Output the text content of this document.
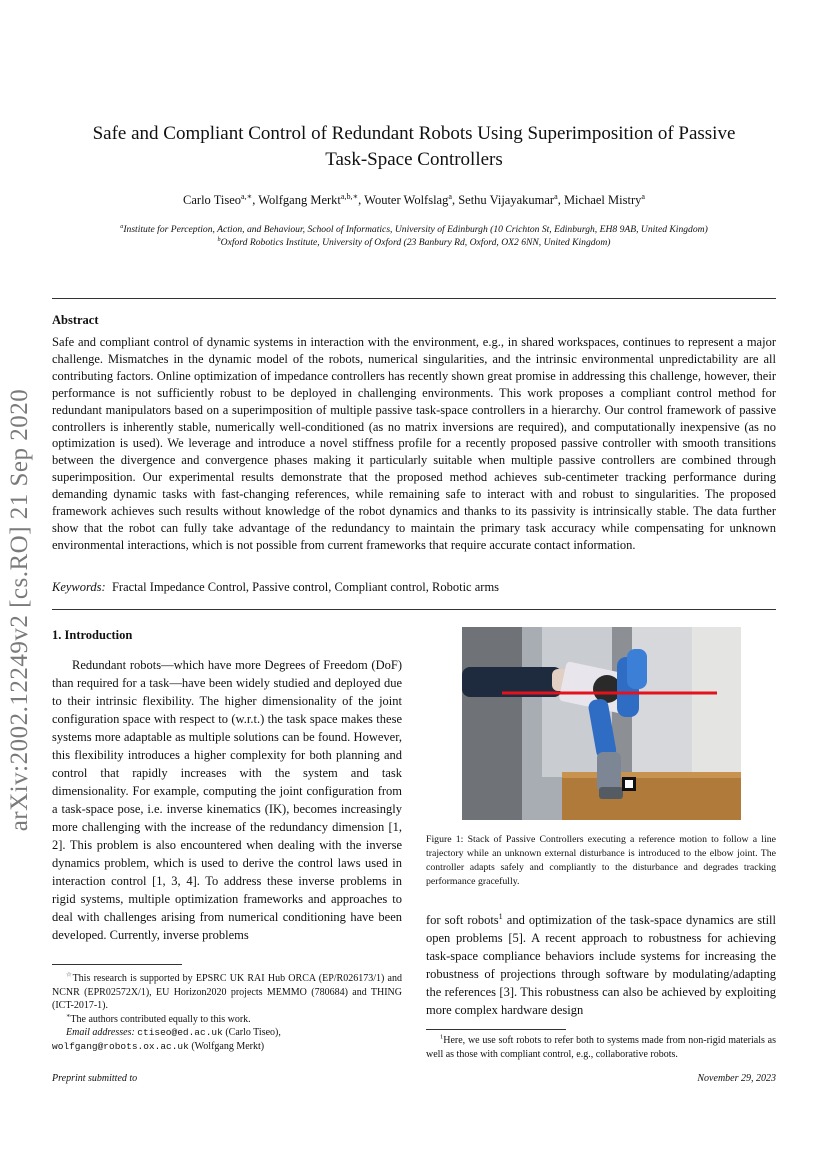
Safe and Compliant Control of Redundant Robots Using Superimposition of Passive
Task-Space Controllers
Carlo Tiseo$^{a,∗}$, Wolfgang Merkt$^{a,b,∗}$, Wouter Wolfslag$^a$, Sethu Vijayakumar$^a$, Michael Mistry$^a$
$^a$Institute for Perception, Action, and Behaviour, School of Informatics, University of Edinburgh (10 Crichton St, Edinburgh, EH8 9AB, United Kingdom)
$^b$Oxford Robotics Institute, University of Oxford (23 Banbury Rd, Oxford, OX2 6NN, United Kingdom)
Abstract
Safe and compliant control of dynamic systems in interaction with the environment, e.g., in shared workspaces, continues to represent a major challenge. Mismatches in the dynamic model of the robots, numerical singularities, and the intrinsic environmental unpredictability are all contributing factors. Online optimization of impedance controllers has recently shown great promise in addressing this challenge, however, their performance is not sufficiently robust to be deployed in challenging environments. This work proposes a compliant control method for redundant manipulators based on a superimposition of multiple passive task-space controllers in a hierarchy. Our control framework of passive controllers is inherently stable, numerically well-conditioned (as no matrix inversions are required), and computationally inexpensive (as no optimization is used). We leverage and introduce a novel stiffness profile for a recently proposed passive controller with smooth transitions between the divergence and convergence phases making it particularly suitable when multiple passive controllers are combined through superimposition. Our experimental results demonstrate that the proposed method achieves sub-centimeter tracking performance during demanding dynamic tasks with fast-changing references, while remaining safe to interact with and robust to singularities. The proposed framework achieves such results without knowledge of the robot dynamics and thanks to its passivity is intrinsically stable. The data further show that the robot can fully take advantage of the redundancy to maintain the primary task accuracy while compensating for unknown environmental interactions, which is not possible from current frameworks that require accurate contact information.
Keywords: Fractal Impedance Control, Passive control, Compliant control, Robotic arms
arXiv:2002.12249v2 [cs.RO] 21 Sep 2020 1. Introduction
Redundant robots—which have more Degrees of Freedom (DoF) than required for a task—have been widely studied and deployed due to their intrinsic flexibility. The higher dimensionality of the joint configuration space with respect to (w.r.t.) the task space makes these systems more adaptable as multiple solutions can be found. However, this flexibility introduces a higher complexity for both planning and control that rapidly increases with the system and task dimensionality. For example, computing the joint configuration from a task-space pose, i.e. inverse kinematics (IK), becomes increasingly more challenging with the increase of the redundancy dimension [1, 2]. This problem is also encountered when dealing with the inverse dynamics problem, which is used to derive the control laws used in interaction control [1, 3, 4]. To address these inverse problems in rigid systems, multiple optimization frameworks and approaches to deal with challenges arising from numerical conditioning have been developed. Currently, inverse problems

☆This research is supported by EPSRC UK RAI Hub ORCA (EP/R026173/1) and NCNR (EPR02572X/1), EU Horizon2020 projects MEMMO (780684) and THING (ICT-2017-1).

∗The authors contributed equally to this work.

Email addresses: ctiseo@ed.ac.uk (Carlo Tiseo),

wolfgang@robots.ox.ac.uk (Wolfgang Merkt)

Figure 1: Stack of Passive Controllers executing a reference motion to follow a line trajectory while an unknown external disturbance is introduced to the elbow joint. The controller adapts safely and compliantly to the disturbance and degrades tracking performance gracefully.
for soft robots$^1$ and optimization of the task-space dynamics are still open problems [5]. A recent approach to robustness for achieving task-space compliance behaviors include systems for increasing the robustness of projections through software by modulating/adapting the references [3]. This robustness can also be achieved by exploiting more complex hardware design
$^1$Here, we use soft robots to refer both to systems made from non-rigid materials as well as those with compliant control, e.g., collaborative robots.
Preprint submitted to	November 29, 2023
